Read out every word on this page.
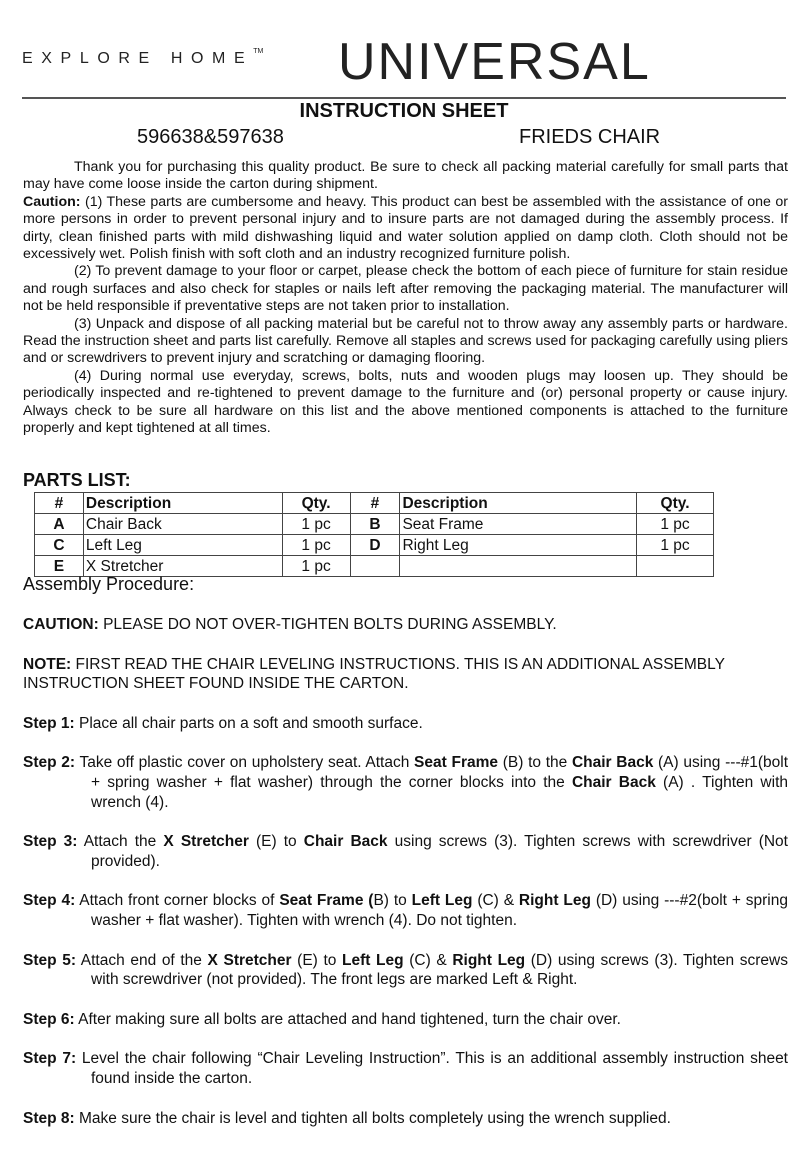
EXPLORE HOME™ UNIVERSAL
INSTRUCTION SHEET
596638&597638	FRIEDS CHAIR

Thank you for purchasing this quality product. Be sure to check all packing material carefully for small parts that may have come loose inside the carton during shipment.

Caution: (1) These parts are cumbersome and heavy. This product can best be assembled with the assistance of one or more persons in order to prevent personal injury and to insure parts are not damaged during the assembly process. If dirty, clean finished parts with mild dishwashing liquid and water solution applied on damp cloth. Cloth should not be excessively wet. Polish finish with soft cloth and an industry recognized furniture polish.

(2) To prevent damage to your floor or carpet, please check the bottom of each piece of furniture for stain residue and rough surfaces and also check for staples or nails left after removing the packaging material. The manufacturer will not be held responsible if preventative steps are not taken prior to installation.

(3) Unpack and dispose of all packing material but be careful not to throw away any assembly parts or hardware. Read the instruction sheet and parts list carefully. Remove all staples and screws used for packaging carefully using pliers and or screwdrivers to prevent injury and scratching or damaging flooring.

(4) During normal use everyday, screws, bolts, nuts and wooden plugs may loosen up. They should be periodically inspected and re-tightened to prevent damage to the furniture and (or) personal property or cause injury. Always check to be sure all hardware on this list and the above mentioned components is attached to the furniture properly and kept tightened at all times.

PARTS LIST:
#	Description	Qty.	#	Description	Qty.
A	Chair Back	1 pc	B	Seat Frame	1 pc
C	Left Leg	1 pc	D	Right Leg	1 pc
E	X Stretcher	1 pc			
Assembly Procedure:

CAUTION: PLEASE DO NOT OVER-TIGHTEN BOLTS DURING ASSEMBLY.

NOTE: FIRST READ THE CHAIR LEVELING INSTRUCTIONS. THIS IS AN ADDITIONAL ASSEMBLY INSTRUCTION SHEET FOUND INSIDE THE CARTON.

Step 1: Place all chair parts on a soft and smooth surface.

Step 2: Take off plastic cover on upholstery seat. Attach Seat Frame (B) to the Chair Back (A) using ---#1(bolt + spring washer + flat washer) through the corner blocks into the Chair Back (A) . Tighten with wrench (4).

Step 3: Attach the X Stretcher (E) to Chair Back using screws (3). Tighten screws with screwdriver (Not provided).

Step 4: Attach front corner blocks of Seat Frame (B) to Left Leg (C) & Right Leg (D) using ---#2(bolt + spring washer + flat washer). Tighten with wrench (4). Do not tighten.

Step 5: Attach end of the X Stretcher (E) to Left Leg (C) & Right Leg (D) using screws (3). Tighten screws with screwdriver (not provided). The front legs are marked Left & Right.

Step 6: After making sure all bolts are attached and hand tightened, turn the chair over.

Step 7: Level the chair following “Chair Leveling Instruction”. This is an additional assembly instruction sheet found inside the carton.

Step 8: Make sure the chair is level and tighten all bolts completely using the wrench supplied.
